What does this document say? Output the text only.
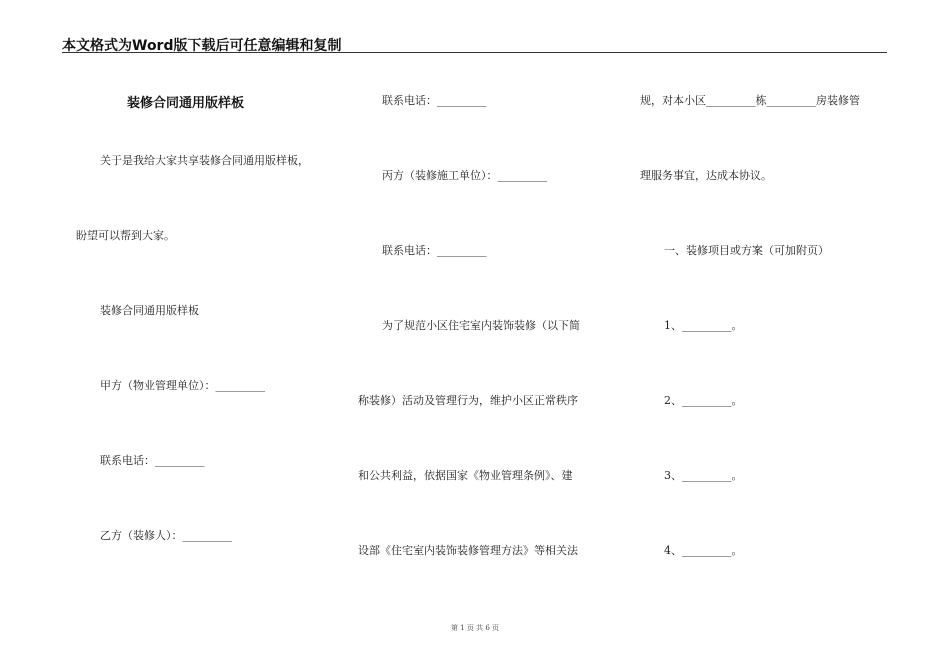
本文格式为Word版下载后可任意编辑和复制
装修合同通用版样板
关于是我给大家共享装修合同通用版样板，
盼望可以帮到大家。
装修合同通用版样板
甲方（物业管理单位）：_________
联系电话：_________
乙方（装修人）：_________
联系电话：_________
丙方（装修施工单位）：_________
联系电话：_________
为了规范小区住宅室内装饰装修（以下简
称装修）活动及管理行为，维护小区正常秩序
和公共利益，依据国家《物业管理条例》、建
设部《住宅室内装饰装修管理方法》等相关法
规，对本小区_________栋_________房装修管
理服务事宜，达成本协议。
一、装修项目或方案（可加附页）
1、_________。
2、_________。
3、_________。
4、_________。
第 1 页 共 6 页
